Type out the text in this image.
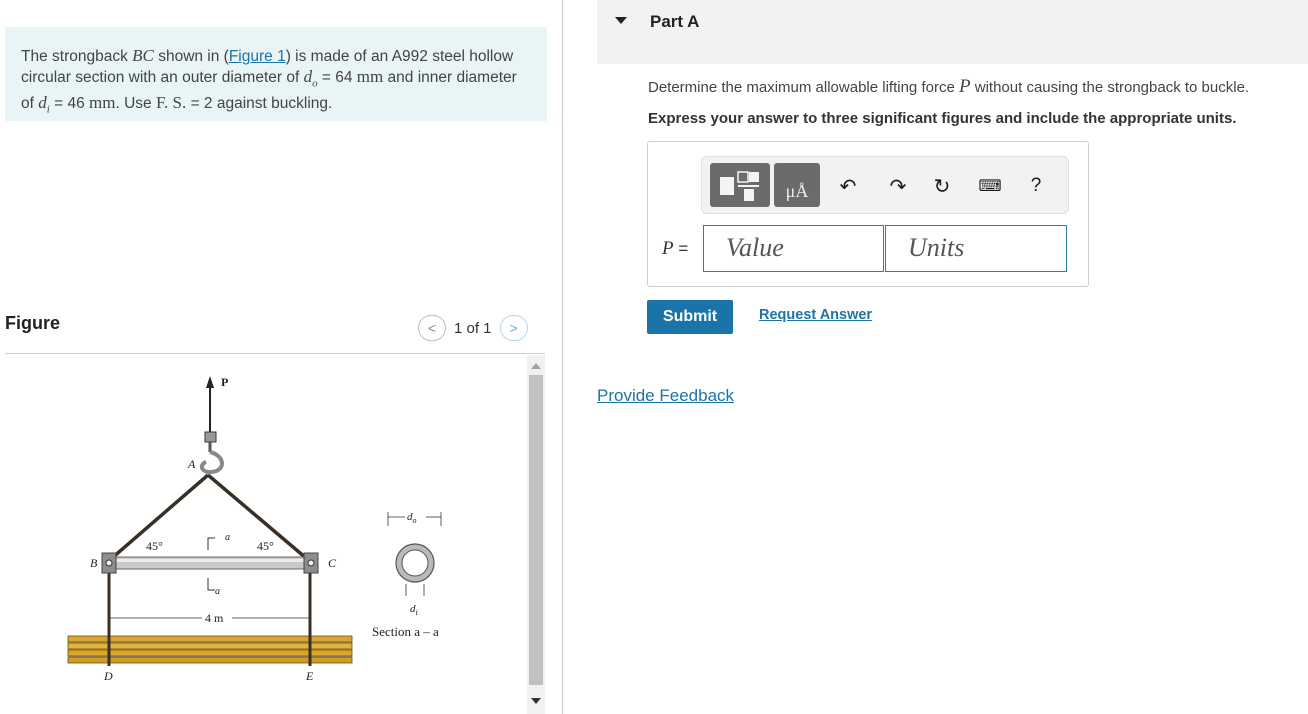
The strongback BC shown in (Figure 1) is made of an A992 steel hollow circular section with an outer diameter of $d_o = 64$ mm and inner diameter of $d_i = 46$ mm. Use F. S. = 2 against buckling.
Figure	<	1 of 1	>
P
A
B	C
D	E
45°	45°
a
a
4 m
$d_o$
$d_i$
Section a – a
Part A
Determine the maximum allowable lifting force P without causing the strongback to buckle.
Express your answer to three significant figures and include the appropriate units.
μÅ	↶ ↷ ↻ ⌨	?
P =	Value	Units
Submit	Request Answer
Provide Feedback
